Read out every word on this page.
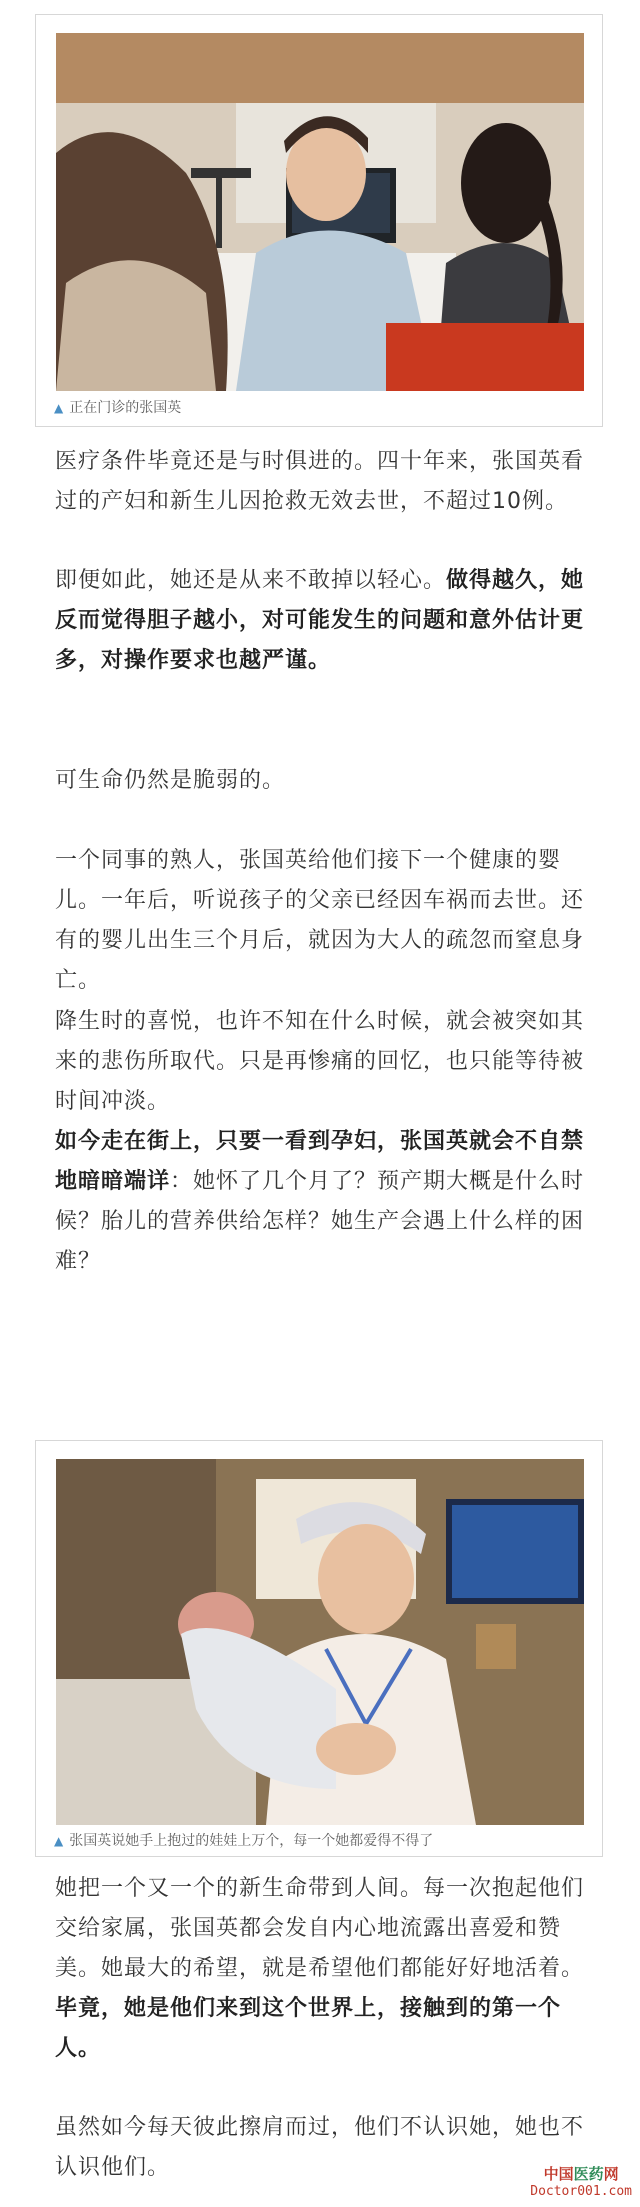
▲ 正在门诊的张国英

医疗条件毕竟还是与时俱进的。四十年来，张国英看过的产妇和新生儿因抢救无效去世，不超过10例。

即便如此，她还是从来不敢掉以轻心。做得越久，她反而觉得胆子越小，对可能发生的问题和意外估计更多，对操作要求也越严谨。

可生命仍然是脆弱的。

一个同事的熟人，张国英给他们接下一个健康的婴儿。一年后，听说孩子的父亲已经因车祸而去世。还有的婴儿出生三个月后，就因为大人的疏忽而窒息身亡。

降生时的喜悦，也许不知在什么时候，就会被突如其来的悲伤所取代。只是再惨痛的回忆，也只能等待被时间冲淡。

如今走在街上，只要一看到孕妇，张国英就会不自禁地暗暗端详：她怀了几个月了？预产期大概是什么时候？胎儿的营养供给怎样？她生产会遇上什么样的困难？

▲ 张国英说她手上抱过的娃娃上万个，每一个她都爱得不得了

她把一个又一个的新生命带到人间。每一次抱起他们交给家属，张国英都会发自内心地流露出喜爱和赞美。她最大的希望，就是希望他们都能好好地活着。毕竟，她是他们来到这个世界上，接触到的第一个人。

虽然如今每天彼此擦肩而过，他们不认识她，她也不认识他们。	中国医药网
Doctor001.com
